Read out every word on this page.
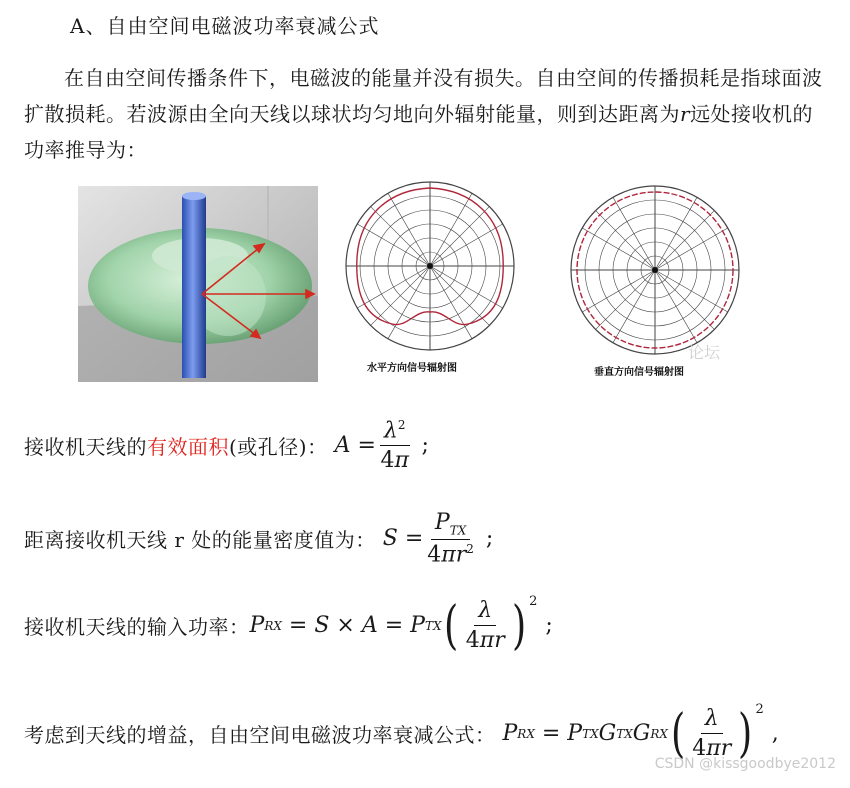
A、自由空间电磁波功率衰减公式
在自由空间传播条件下，电磁波的能量并没有损失。自由空间的传播损耗是指球面波扩散损耗。若波源由全向天线以球状均匀地向外辐射能量，则到达距离为r远处接收机的功率推导为：
水平方向信号辐射图
论坛
垂直方向信号辐射图
接收机天线的 有效面积 (或孔径)： $A = \frac{\lambda^2}{4\pi}$ ;
距离接收机天线 r 处的能量密度值为： $S = \frac{P_{TX}}{4\pi r^2}$ ;
接收机天线的输入功率： P RX
= S × A = P TX ( $\frac{\lambda}{4\pi r}$ ) 2
;
考虑到天线的增益，自由空间电磁波功率衰减公式： P RX
= P TX G TX G RX ( $\frac{\lambda}{4\pi r}$ ) 2
,
CSDN @kissgoodbye2012
